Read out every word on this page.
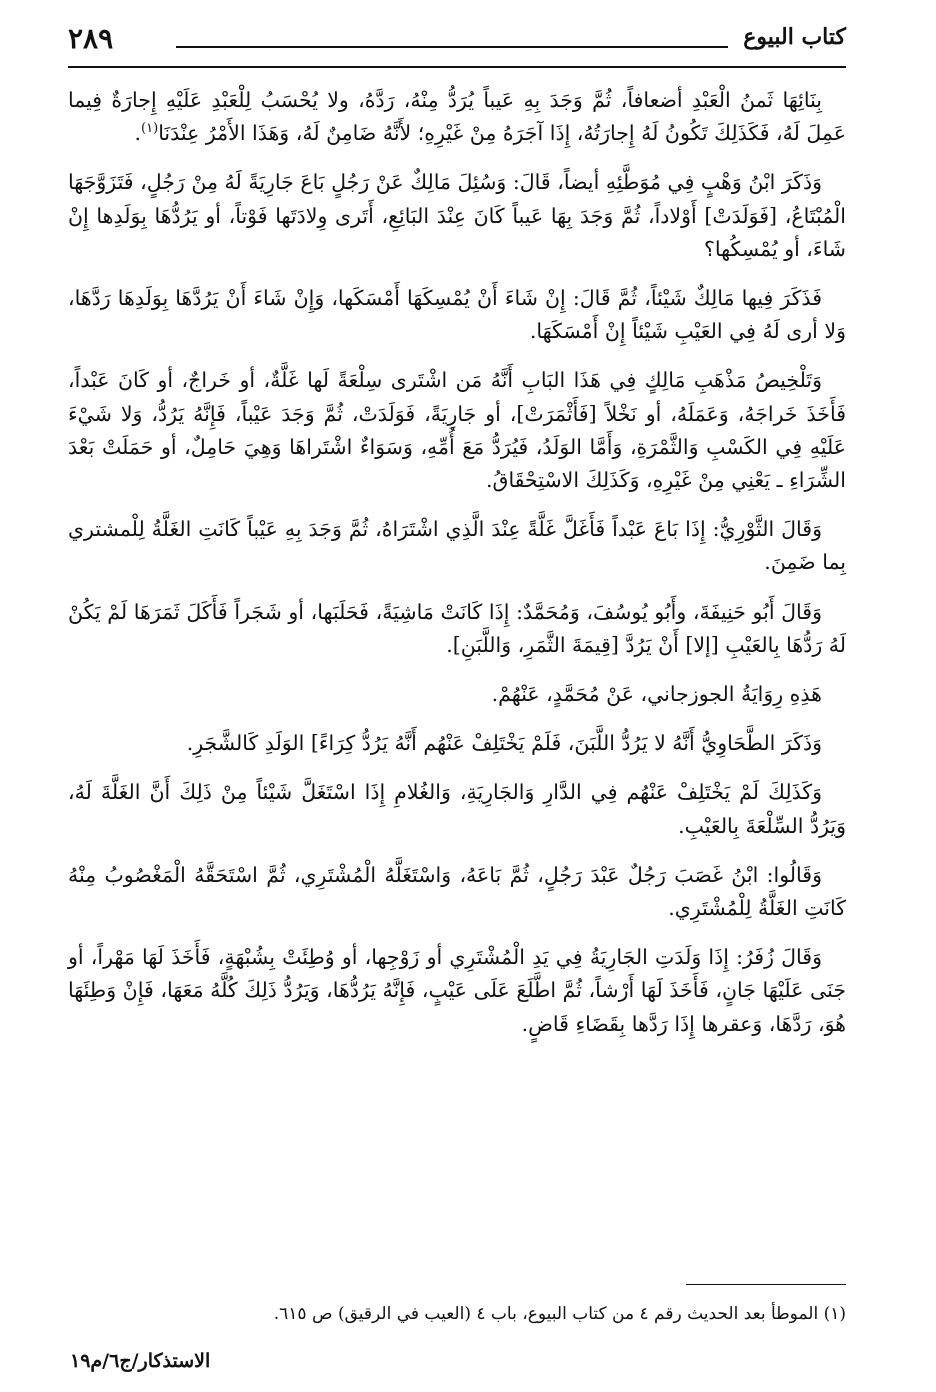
كتاب البيوع
٢٨٩

بِنَائِهَا ثَمنُ الْعَبْدِ أضعافاً، ثُمَّ وَجَدَ بِهِ عَيباً يُرَدُّ مِنْهُ، رَدَّهُ، ولا يُحْسَبُ لِلْعَبْدِ عَلَيْهِ إِجارَةٌ فِيما عَمِلَ لَهُ، فَكَذَلِكَ تَكُونُ لَهُ إِجارَتُهُ، إِذَا آجَرَهُ مِنْ غَيْرِهِ؛ لأَنَّهُ ضَامِنٌ لَهُ، وَهَذَا الأَمْرُ عِنْدَنَا$^{(١)}$.

وَذَكَرَ ابْنُ وَهْبٍ فِي مُوَطَّئِهِ أيضاً، قَالَ: وَسُئِلَ مَالِكٌ عَنْ رَجُلٍ بَاعَ جَارِيَةً لَهُ مِنْ رَجُلٍ، فَتَزَوَّجَهَا الْمُبْتَاعُ، [فَوَلَدَتْ] أَوْلاداً، ثُمَّ وَجَدَ بِهَا عَيباً كَانَ عِنْدَ البَائِعِ، أَتَرى وِلادَتَها فَوْتاً، أو يَرُدُّهَا بِوَلَدِها إِنْ شَاءَ، أو يُمْسِكُها؟

فَذَكَرَ فِيها مَالِكٌ شَيْئاً، ثُمَّ قَالَ: إِنْ شَاءَ أَنْ يُمْسِكَهَا أَمْسَكَها، وَإِنْ شَاءَ أَنْ يَرُدَّهَا بِوَلَدِهَا رَدَّهَا، وَلا أرى لَهُ فِي العَيْبِ شَيْئاً إِنْ أَمْسَكَهَا.

وَتَلْخِيصُ مَذْهَبِ مَالِكٍ فِي هَذَا البَابِ أَنَّهُ مَن اشْتَرى سِلْعَةً لَها غَلَّةٌ، أو خَراجٌ، أو كَانَ عَبْداً، فَأَخَذَ خَراجَهُ، وَعَمَلَهُ، أو نَخْلاً [فَأَثْمَرَتْ]، أو جَارِيَةً، فَوَلَدَتْ، ثُمَّ وَجَدَ عَيْباً، فَإِنَّهُ يَرُدُّ، وَلا شَيْءَ عَلَيْهِ فِي الكَسْبِ وَالثَّمْرَةِ، وَأَمَّا الوَلَدُ، فَيُرَدُّ مَعَ أُمِّهِ، وَسَوَاءٌ اشْتَراهَا وَهِيَ حَامِلٌ، أو حَمَلَتْ بَعْدَ الشِّرَاءِ ـ يَعْنِي مِنْ غَيْرِهِ، وَكَذَلِكَ الاسْتِحْقَاقُ.

وَقَالَ الثَّوْرِيُّ: إِذَا بَاعَ عَبْداً فَأَغَلَّ غَلَّةً عِنْدَ الَّذِي اشْتَرَاهُ، ثُمَّ وَجَدَ بِهِ عَيْباً كَانَتِ الغَلَّةُ لِلْمشتري بِما ضَمِنَ.

وَقَالَ أَبُو حَنِيفَةَ، وأَبُو يُوسُفَ، وَمُحَمَّدٌ: إِذَا كَانَتْ مَاشِيَةً، فَحَلَبَها، أو شَجَراً فَأَكَلَ ثَمَرَهَا لَمْ يَكُنْ لَهُ رَدُّهَا بِالعَيْبِ [إلا] أَنْ يَرُدَّ [قِيمَةَ الثَّمَرِ، وَاللَّبَنِ].

هَذِهِ رِوَايَةُ الجوزجاني، عَنْ مُحَمَّدٍ، عَنْهُمْ.

وَذَكَرَ الطَّحَاوِيُّ أَنَّهُ لا يَرُدُّ اللَّبَنَ، فَلَمْ يَخْتَلِفْ عَنْهُم أَنَّهُ يَرُدُّ كِرَاءً] الوَلَدِ كَالشَّجَرِ.

وَكَذَلِكَ لَمْ يَخْتَلِفْ عَنْهُم فِي الدَّارِ وَالجَارِيَةِ، وَالغُلامِ إِذَا اسْتَغَلَّ شَيْئاً مِنْ ذَلِكَ أَنَّ الغَلَّةَ لَهُ، وَيَرُدُّ السِّلْعَةَ بِالعَيْبِ.

وَقَالُوا: ابْنُ غَصَبَ رَجُلٌ عَبْدَ رَجُلٍ، ثُمَّ بَاعَهُ، وَاسْتَغَلَّهُ الْمُشْتَرِي، ثُمَّ اسْتَحَقَّهُ الْمَغْصُوبُ مِنْهُ كَانَتِ الغَلَّةُ لِلْمُشْتَرِي.

وَقَالَ زُفَرُ: إِذَا وَلَدَتِ الجَارِيَةُ فِي يَدِ الْمُشْتَرِي أو زَوْجِها، أو وُطِئَتْ بِشُبْهَةٍ، فَأَخَذَ لَهَا مَهْراً، أو جَنَى عَلَيْهَا جَانٍ، فَأَخَذَ لَهَا أَرْشاً، ثُمَّ اطَّلَعَ عَلَى عَيْبٍ، فَإِنَّهُ يَرُدُّهَا، وَيَرُدُّ ذَلِكَ كُلَّهُ مَعَهَا، فَإِنْ وَطِئَهَا هُوَ، رَدَّهَا، وَعقرها إِذَا رَدَّها بِقَضَاءِ قَاضٍ.

(١) الموطأ بعد الحديث رقم ٤ من كتاب البيوع، باب ٤ (العيب في الرقيق) ص ٦١٥.
الاستذكار/ج٦/م١٩
